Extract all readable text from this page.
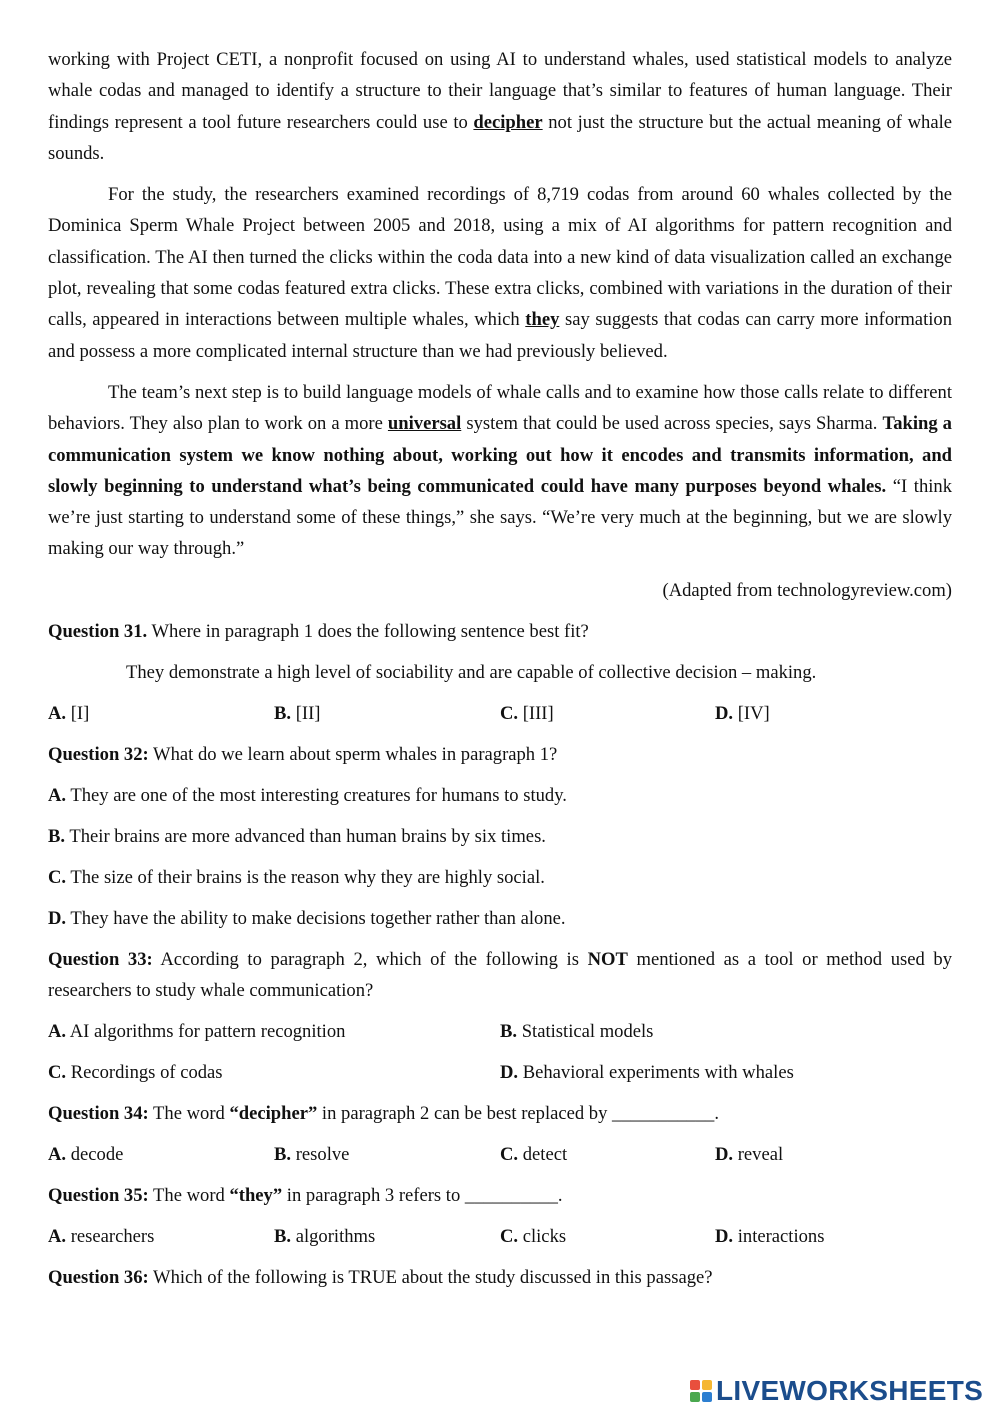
working with Project CETI, a nonprofit focused on using AI to understand whales, used statistical models to analyze whale codas and managed to identify a structure to their language that’s similar to features of human language. Their findings represent a tool future researchers could use to decipher not just the structure but the actual meaning of whale sounds.

For the study, the researchers examined recordings of 8,719 codas from around 60 whales collected by the Dominica Sperm Whale Project between 2005 and 2018, using a mix of AI algorithms for pattern recognition and classification. The AI then turned the clicks within the coda data into a new kind of data visualization called an exchange plot, revealing that some codas featured extra clicks. These extra clicks, combined with variations in the duration of their calls, appeared in interactions between multiple whales, which they say suggests that codas can carry more information and possess a more complicated internal structure than we had previously believed.

The team’s next step is to build language models of whale calls and to examine how those calls relate to different behaviors. They also plan to work on a more universal system that could be used across species, says Sharma. Taking a communication system we know nothing about, working out how it encodes and transmits information, and slowly beginning to understand what’s being communicated could have many purposes beyond whales. “I think we’re just starting to understand some of these things,” she says. “We’re very much at the beginning, but we are slowly making our way through.”

(Adapted from technologyreview.com)

Question 31. Where in paragraph 1 does the following sentence best fit?

They demonstrate a high level of sociability and are capable of collective decision – making.

A. [I]	B. [II]	C. [III]	D. [IV]

Question 32: What do we learn about sperm whales in paragraph 1?

A. They are one of the most interesting creatures for humans to study.

B. Their brains are more advanced than human brains by six times.

C. The size of their brains is the reason why they are highly social.

D. They have the ability to make decisions together rather than alone.

Question 33: According to paragraph 2, which of the following is NOT mentioned as a tool or method used by researchers to study whale communication?

A. AI algorithms for pattern recognition	B. Statistical models
C. Recordings of codas	D. Behavioral experiments with whales

Question 34: The word “decipher” in paragraph 2 can be best replaced by ___________.

A. decode	B. resolve	C. detect	D. reveal

Question 35: The word “they” in paragraph 3 refers to __________.

A. researchers	B. algorithms	C. clicks	D. interactions

Question 36: Which of the following is TRUE about the study discussed in this passage?

LIVEWORKSHEETS
